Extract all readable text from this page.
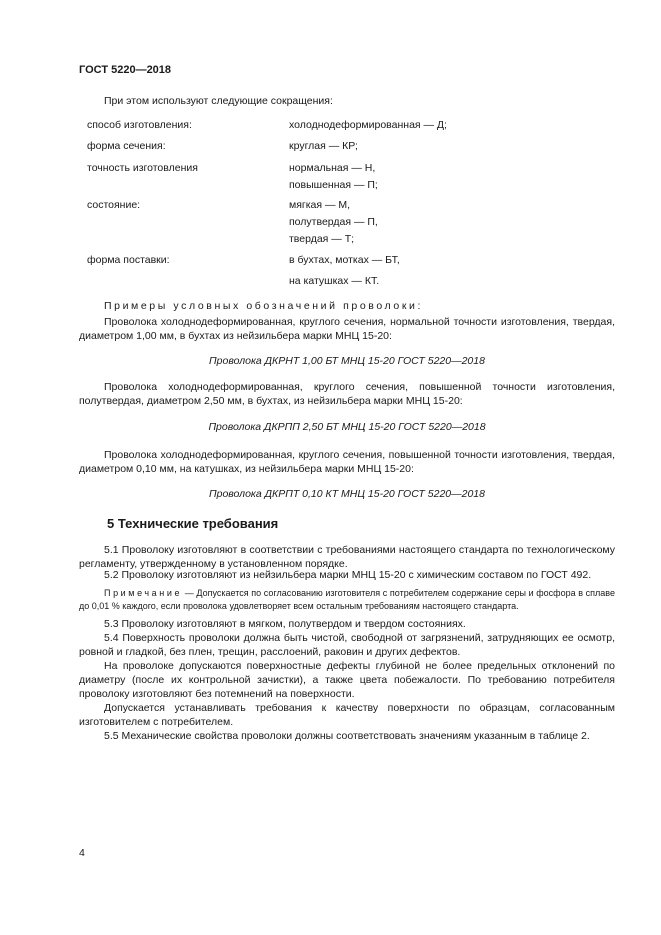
ГОСТ 5220—2018
При этом используют следующие сокращения:
способ изготовления:	холоднодеформированная — Д;
форма сечения:	круглая — КР;
точность изготовления	нормальная — Н,
повышенная — П;
состояние:	мягкая — М,
полутвердая — П,
твердая — Т;
форма поставки:	в бухтах, мотках — БТ,
на катушках — КТ.
Примеры условных обозначений проволоки:
Проволока холоднодеформированная, круглого сечения, нормальной точности изготовления, твердая, диаметром 1,00 мм, в бухтах из нейзильбера марки МНЦ 15-20:
Проволока ДКРНТ 1,00 БТ МНЦ 15-20 ГОСТ 5220—2018
Проволока холоднодеформированная, круглого сечения, повышенной точности изготовления, полутвердая, диаметром 2,50 мм, в бухтах, из нейзильбера марки МНЦ 15-20:
Проволока ДКРПП 2,50 БТ МНЦ 15-20 ГОСТ 5220—2018
Проволока холоднодеформированная, круглого сечения, повышенной точности изготовления, твердая, диаметром 0,10 мм, на катушках, из нейзильбера марки МНЦ 15-20:
Проволока ДКРПТ 0,10 КТ МНЦ 15-20 ГОСТ 5220—2018
5 Технические требования
5.1 Проволоку изготовляют в соответствии с требованиями настоящего стандарта по технологическому регламенту, утвержденному в установленном порядке.
5.2 Проволоку изготовляют из нейзильбера марки МНЦ 15-20 с химическим составом по ГОСТ 492.
Примечание — Допускается по согласованию изготовителя с потребителем содержание серы и фосфора в сплаве до 0,01 % каждого, если проволока удовлетворяет всем остальным требованиям настоящего стандарта.
5.3 Проволоку изготовляют в мягком, полутвердом и твердом состояниях.
5.4 Поверхность проволоки должна быть чистой, свободной от загрязнений, затрудняющих ее осмотр, ровной и гладкой, без плен, трещин, расслоений, раковин и других дефектов.
На проволоке допускаются поверхностные дефекты глубиной не более предельных отклонений по диаметру (после их контрольной зачистки), а также цвета побежалости. По требованию потребителя проволоку изготовляют без потемнений на поверхности.
Допускается устанавливать требования к качеству поверхности по образцам, согласованным изготовителем с потребителем.
5.5 Механические свойства проволоки должны соответствовать значениям указанным в таблице 2.
4
